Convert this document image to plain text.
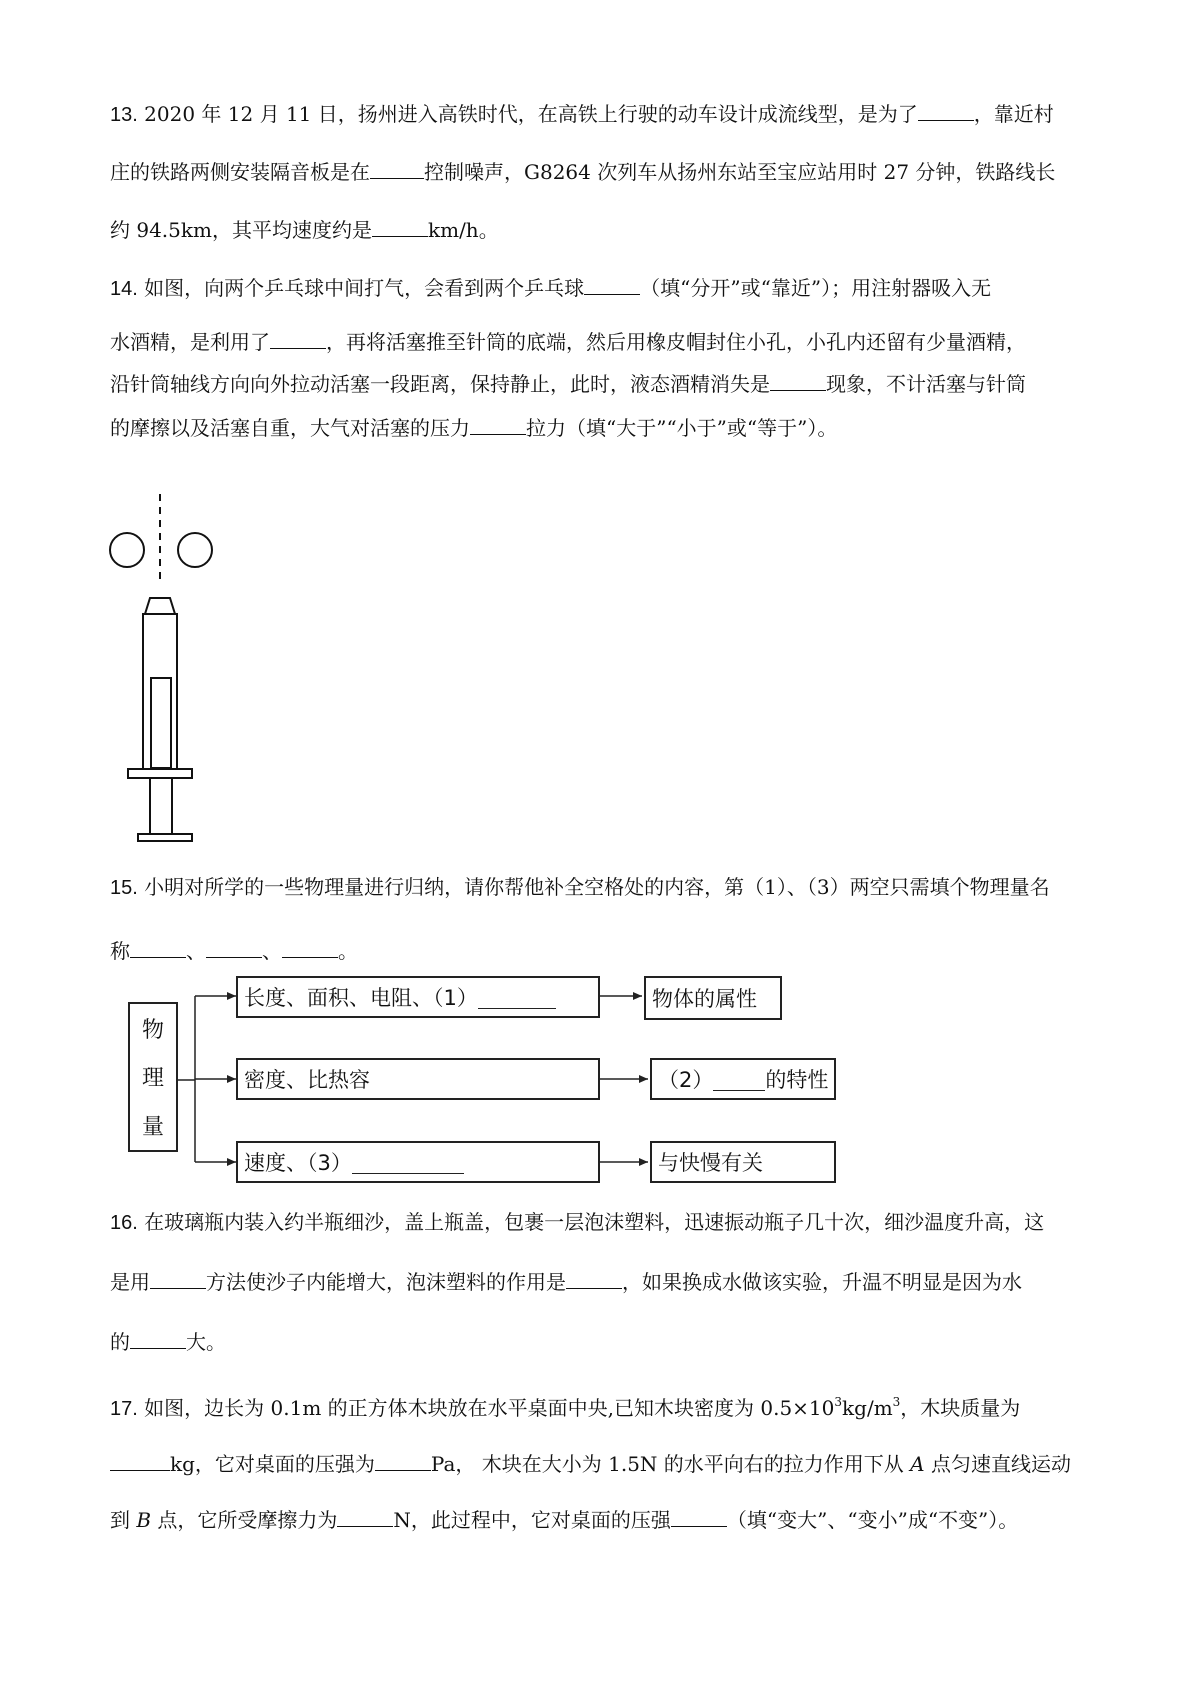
13. 2020 年 12 月 11 日，扬州进入高铁时代，在高铁上行驶的动车设计成流线型，是为了	，靠近村
庄的铁路两侧安装隔音板是在	控制噪声，G8264 次列车从扬州东站至宝应站用时 27 分钟，铁路线长
约 94.5km，其平均速度约是	km/h。
14. 如图，向两个乒乓球中间打气，会看到两个乒乓球	（填“分开”或“靠近”）；用注射器吸入无
水酒精，是利用了	，再将活塞推至针筒的底端，然后用橡皮帽封住小孔，小孔内还留有少量酒精，
沿针筒轴线方向向外拉动活塞一段距离，保持静止，此时，液态酒精消失是	现象，不计活塞与针筒
的摩擦以及活塞自重，大气对活塞的压力	拉力（填“大于”“小于”或“等于”）。
15. 小明对所学的一些物理量进行归纳，请你帮他补全空格处的内容，第（1）、（3）两空只需填个物理量名
称	、	、	。
物
理
量
长度、面积、电阻、（1）	物体的属性
密度、比热容	（2） 的特性
速度、（3）	与快慢有关
16. 在玻璃瓶内装入约半瓶细沙，盖上瓶盖，包裹一层泡沫塑料，迅速振动瓶子几十次，细沙温度升高，这
是用	方法使沙子内能增大，泡沫塑料的作用是	，如果换成水做该实验，升温不明显是因为水
的	大。
17. 如图，边长为 0.1m 的正方体木块放在水平桌面中央,已知木块密度为 $0.5\times 10^3kg/m^3$，木块质量为
kg，它对桌面的压强为	Pa， 木块在大小为 1.5N 的水平向右的拉力作用下从 A 点匀速直线运动
到 B 点，它所受摩擦力为	N，此过程中，它对桌面的压强	（填“变大”、“变小”成“不变”）。
